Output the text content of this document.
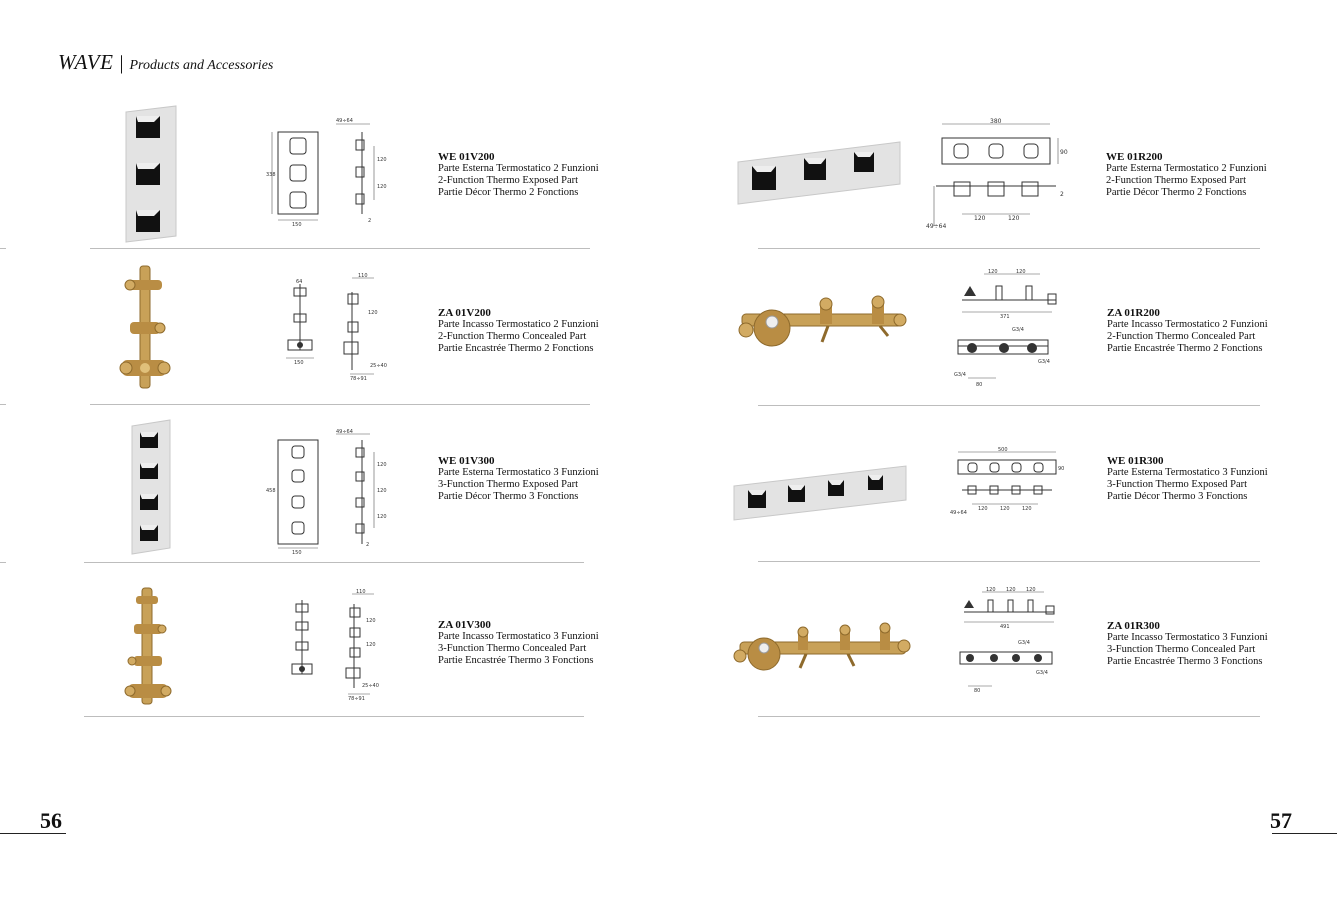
WAVE | Products and Accessories
49÷64
338
150
120
120
2
110
64
120
150	25÷40
78÷91
49÷64
458
150
120
120
120
2
110
120
120
25÷40
78÷91
380
90
49÷64
120	120
2
120	120
371
G3/4
G3/4
G3/4
80
500
90
49÷64
120 120 120
120 120 120
491
G3/4
G3/4
80
WE 01V200
Parte Esterna Termostatico 2 Funzioni
2-Function Thermo Exposed Part
Partie Décor Thermo 2 Fonctions
ZA 01V200
Parte Incasso Termostatico 2 Funzioni
2-Function Thermo Concealed Part
Partie Encastrée Thermo 2 Fonctions
WE 01V300
Parte Esterna Termostatico 3 Funzioni
3-Function Thermo Exposed Part
Partie Décor Thermo 3 Fonctions
ZA 01V300
Parte Incasso Termostatico 3 Funzioni
3-Function Thermo Concealed Part
Partie Encastrée Thermo 3 Fonctions
WE 01R200
Parte Esterna Termostatico 2 Funzioni
2-Function Thermo Exposed Part
Partie Décor Thermo 2 Fonctions
ZA 01R200
Parte Incasso Termostatico 2 Funzioni
2-Function Thermo Concealed Part
Partie Encastrée Thermo 2 Fonctions
WE 01R300
Parte Esterna Termostatico 3 Funzioni
3-Function Thermo Exposed Part
Partie Décor Thermo 3 Fonctions
ZA 01R300
Parte Incasso Termostatico 3 Funzioni
3-Function Thermo Concealed Part
Partie Encastrée Thermo 3 Fonctions
56	57
